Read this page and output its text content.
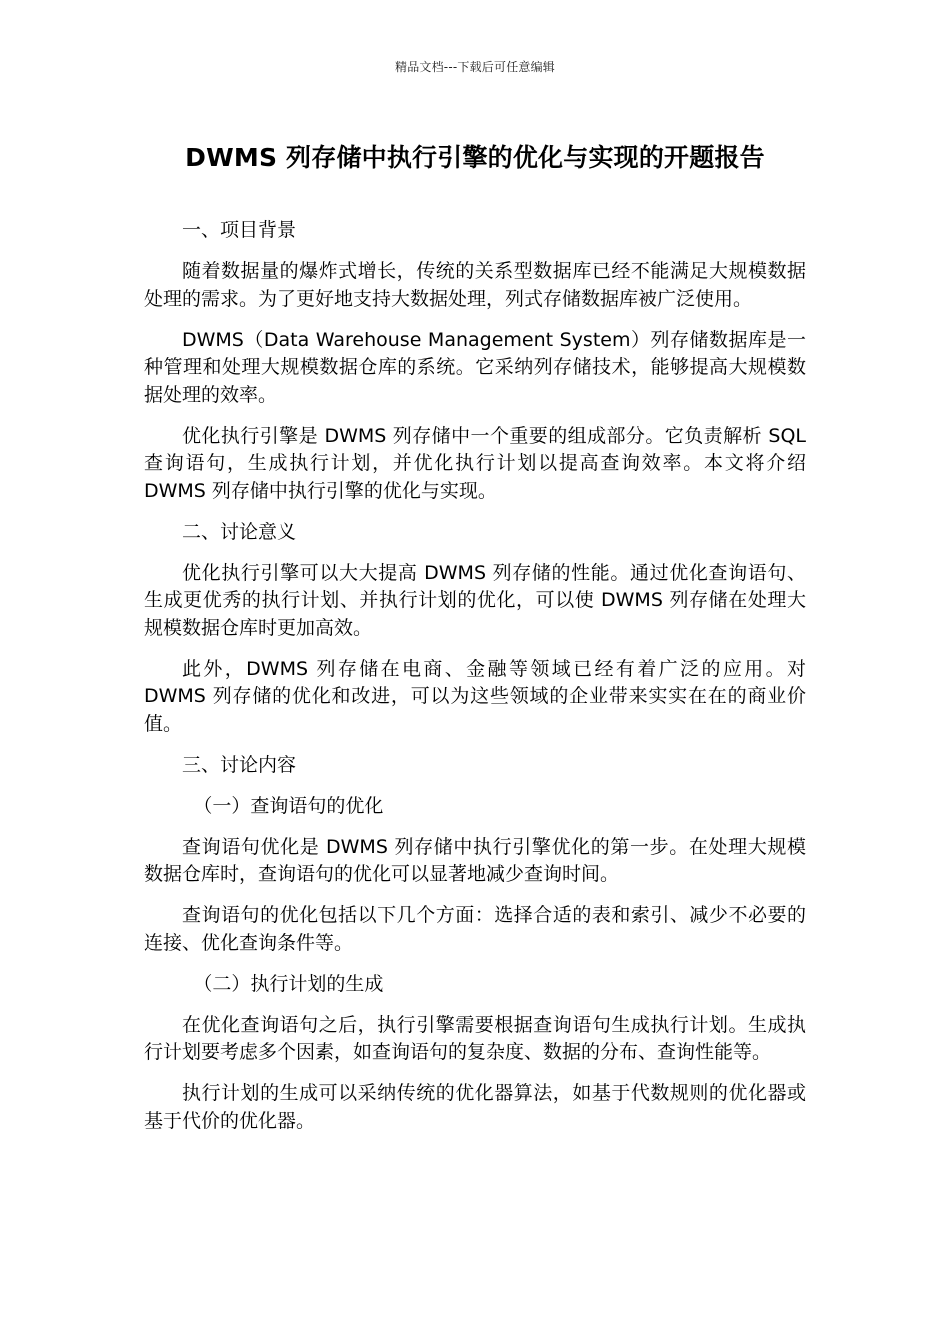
精品文档---下载后可任意编辑
DWMS 列存储中执行引擎的优化与实现的开题报告

一、项目背景

随着数据量的爆炸式增长，传统的关系型数据库已经不能满足大规模数据处理的需求。为了更好地支持大数据处理，列式存储数据库被广泛使用。

DWMS（Data Warehouse Management System）列存储数据库是一种管理和处理大规模数据仓库的系统。它采纳列存储技术，能够提高大规模数据处理的效率。

优化执行引擎是 DWMS 列存储中一个重要的组成部分。它负责解析 SQL 查询语句，生成执行计划，并优化执行计划以提高查询效率。本文将介绍 DWMS 列存储中执行引擎的优化与实现。

二、讨论意义

优化执行引擎可以大大提高 DWMS 列存储的性能。通过优化查询语句、生成更优秀的执行计划、并执行计划的优化，可以使 DWMS 列存储在处理大规模数据仓库时更加高效。

此外，DWMS 列存储在电商、金融等领域已经有着广泛的应用。对 DWMS 列存储的优化和改进，可以为这些领域的企业带来实实在在的商业价值。

三、讨论内容

（一）查询语句的优化

查询语句优化是 DWMS 列存储中执行引擎优化的第一步。在处理大规模数据仓库时，查询语句的优化可以显著地减少查询时间。

查询语句的优化包括以下几个方面：选择合适的表和索引、减少不必要的连接、优化查询条件等。

（二）执行计划的生成

在优化查询语句之后，执行引擎需要根据查询语句生成执行计划。生成执行计划要考虑多个因素，如查询语句的复杂度、数据的分布、查询性能等。

执行计划的生成可以采纳传统的优化器算法，如基于代数规则的优化器或基于代价的优化器。
